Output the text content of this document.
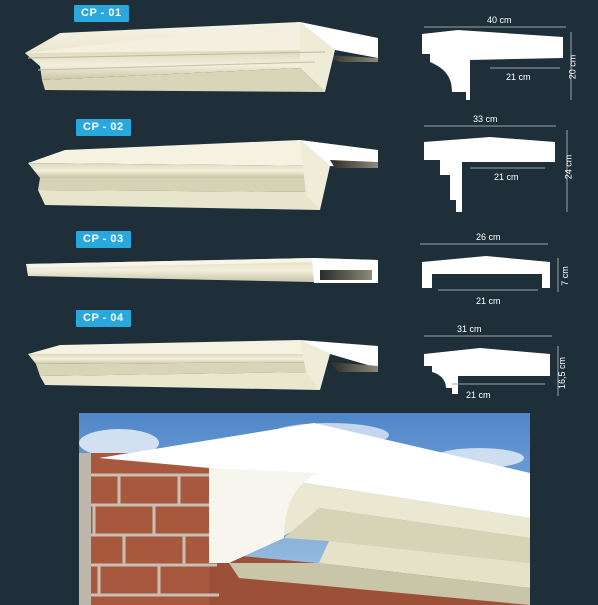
CP - 01
CP - 02
CP - 03
CP - 04
40 cm
21 cm	20 cm
33 cm
21 cm	24 cm
26 cm
21 cm
7 cm
31 cm
21 cm
16,5 cm
